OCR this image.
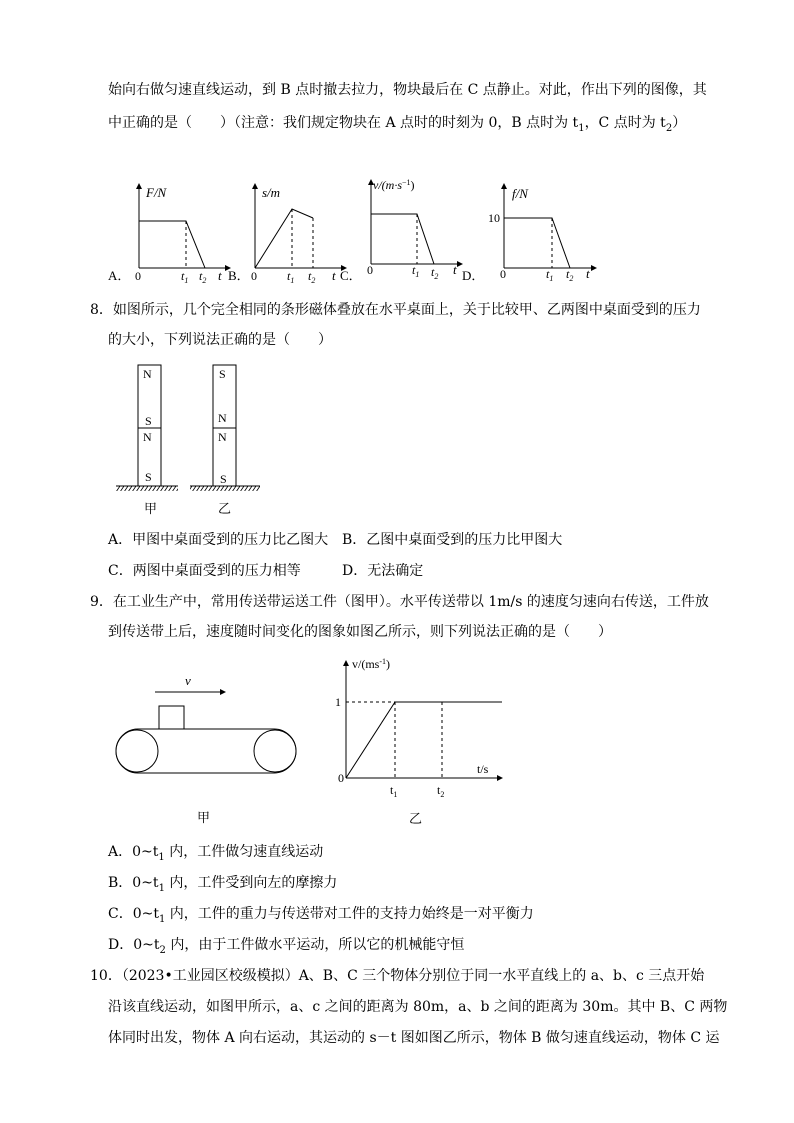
始向右做匀速直线运动，到 B 点时撤去拉力，物块最后在 C 点静止。对此，作出下列的图像，其
中正确的是（　　）（注意：我们规定物块在 A 点时的时刻为 0，B 点时为 $t_1$，C 点时为 $t_2$）
F/N
A． 0	$t_1$ $t_2$ t
s/m
B． 0	$t_1$ $t_2$ t
$v/(m\cdot s^{-1})$
0	$t_1$ $t_2$ t
C．
f/N
10
D． 0	$t_1$ $t_2$ t
8．如图所示，几个完全相同的条形磁体叠放在水平桌面上，关于比较甲、乙两图中桌面受到的压力
的大小，下列说法正确的是（　　）
N
S
N
S
甲
S
N
N
S
乙
A．甲图中桌面受到的压力比乙图大 B．乙图中桌面受到的压力比甲图大
C．两图中桌面受到的压力相等	D．无法确定
9．在工业生产中，常用传送带运送工件（图甲）。水平传送带以 1m/s 的速度匀速向右传送，工件放
到传送带上后，速度随时间变化的图象如图乙所示，则下列说法正确的是（　　）
v
甲
$v/(ms^{-1})$
1
0
t/s
$t_1$	$t_2$
乙
A．$0\sim t_1$ 内，工件做匀速直线运动
B．$0\sim t_1$ 内，工件受到向左的摩擦力
C．$0\sim t_1$ 内，工件的重力与传送带对工件的支持力始终是一对平衡力
D．$0\sim t_2$ 内，由于工件做水平运动，所以它的机械能守恒
10．（2023•工业园区校级模拟）A、B、C 三个物体分别位于同一水平直线上的 a、b、c 三点开始
沿该直线运动，如图甲所示，a、c 之间的距离为 80m，a、b 之间的距离为 30m。其中 B、C 两物
体同时出发，物体 A 向右运动，其运动的 s－t 图如图乙所示，物体 B 做匀速直线运动，物体 C 运
